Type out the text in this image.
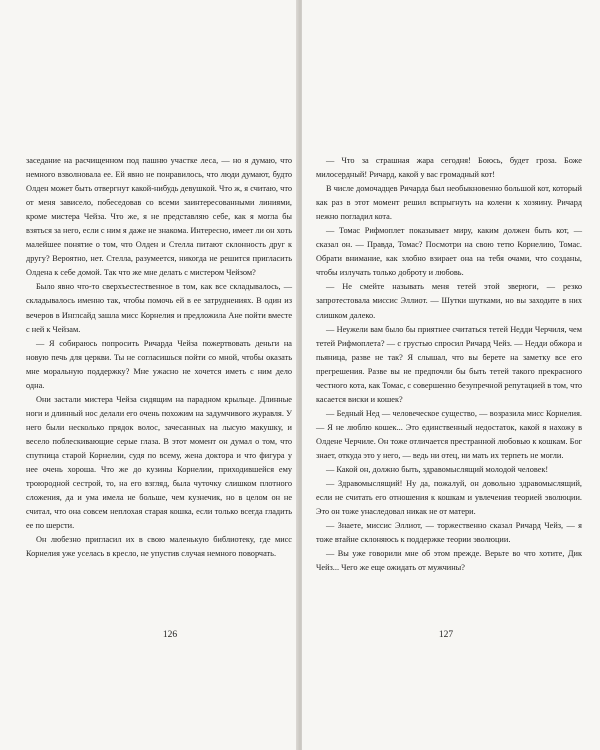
заседание на расчищенном под пашню участке леса, — но я думаю, что немного взволновала ее. Ей явно не понравилось, что люди думают, будто Олден может быть отвергнут какой-нибудь девушкой. Что ж, я считаю, что от меня зависело, побеседовав со всеми заинтересованными линиями, кроме мистера Чейза. Что же, я не представляю себе, как я могла бы взяться за него, если с ним я даже не знакома. Интересно, имеет ли он хоть малейшее понятие о том, что Олден и Стелла питают склонность друг к другу? Вероятно, нет. Стелла, разумеется, никогда не решится пригласить Олдена к себе домой. Так что же мне делать с мистером Чейзом?

Было явно что-то сверхъестественное в том, как все складывалось, — складывалось именно так, чтобы помочь ей в ее затруднениях. В один из вечеров в Инглсайд зашла мисс Корнелия и предложила Ане пойти вместе с ней к Чейзам.

— Я собираюсь попросить Ричарда Чейза пожертвовать деньги на новую печь для церкви. Ты не согласишься пойти со мной, чтобы оказать мне моральную поддержку? Мне ужасно не хочется иметь с ним дело одна.

Они застали мистера Чейза сидящим на парадном крыльце. Длинные ноги и длинный нос делали его очень похожим на задумчивого журавля. У него были несколько прядок волос, зачесанных на лысую макушку, и весело поблескивающие серые глаза. В этот момент он думал о том, что спутница старой Корнелии, судя по всему, жена доктора и что фигура у нее очень хороша. Что же до кузины Корнелии, приходившейся ему троюродной сестрой, то, на его взгляд, была чуточку слишком плотного сложения, да и ума имела не больше, чем кузнечик, но в целом он не считал, что она совсем неплохая старая кошка, если только всегда гладить ее по шерсти.

Он любезно пригласил их в свою маленькую библиотеку, где мисс Корнелия уже уселась в кресло, не упустив случая немного поворчать.

126

— Что за страшная жара сегодня! Боюсь, будет гроза. Боже милосердный! Ричард, какой у вас громадный кот!

В числе домочадцев Ричарда был необыкновенно большой кот, который как раз в этот момент решил вспрыгнуть на колени к хозяину. Ричард нежно погладил кота.

— Томас Рифмоплет показывает миру, каким должен быть кот, — сказал он. — Правда, Томас? Посмотри на свою тетю Корнелию, Томас. Обрати внимание, как злобно взирает она на тебя очами, что созданы, чтобы излучать только доброту и любовь.

— Не смейте называть меня тетей этой зверюги, — резко запротестовала миссис Эллиот. — Шутки шутками, но вы заходите в них слишком далеко.

— Неужели вам было бы приятнее считаться тетей Недди Черчиля, чем тетей Рифмоплета? — с грустью спросил Ричард Чейз. — Недди обжора и пьяница, разве не так? Я слышал, что вы берете на заметку все его прегрешения. Разве вы не предпочли бы быть тетей такого прекрасного честного кота, как Томас, с совершенно безупречной репутацией в том, что касается виски и кошек?

— Бедный Нед — человеческое существо, — возразила мисс Корнелия. — Я не люблю кошек... Это единственный недостаток, какой я нахожу в Олдене Черчиле. Он тоже отличается престранной любовью к кошкам. Бог знает, откуда это у него, — ведь ни отец, ни мать их терпеть не могли.

— Какой он, должно быть, здравомыслящий молодой человек!

— Здравомыслящий! Ну да, пожалуй, он довольно здравомыслящий, если не считать его отношения к кошкам и увлечения теорией эволюции. Это он тоже унаследовал никак не от матери.

— Знаете, миссис Эллиот, — торжественно сказал Ричард Чейз, — я тоже втайне склоняюсь к поддержке теории эволюции.

— Вы уже говорили мне об этом прежде. Верьте во что хотите, Дик Чейз... Чего же еще ожидать от мужчины?

127
